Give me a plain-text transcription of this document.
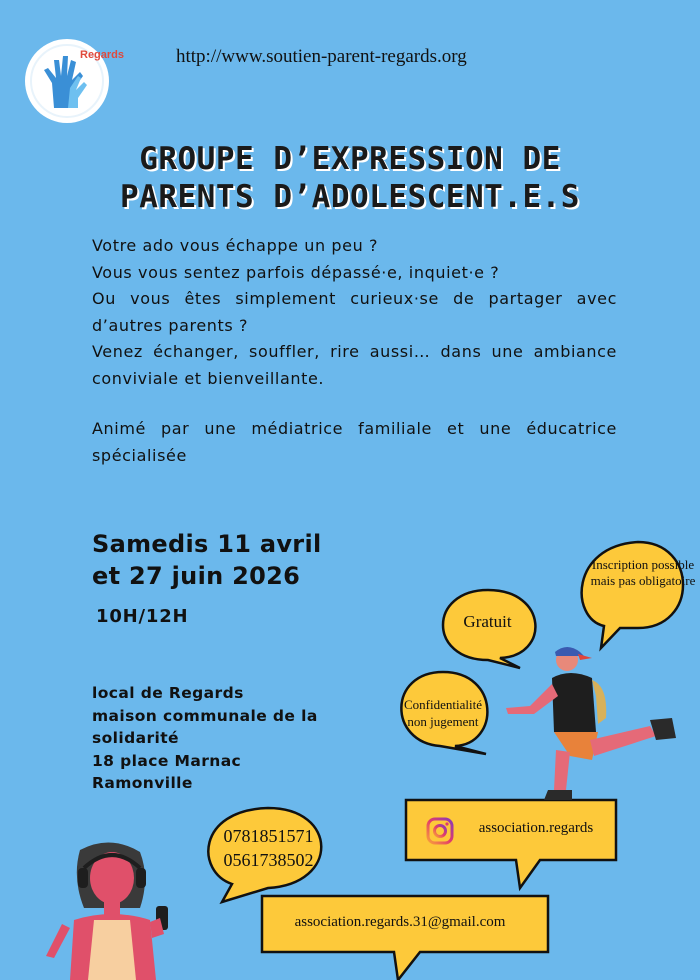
Regards	http://www.soutien-parent-regards.org
GROUPE D’EXPRESSION DE
PARENTS D’ADOLESCENT.E.S

Votre ado vous échappe un peu ?

Vous vous sentez parfois dépassé·e, inquiet·e ?

Ou vous êtes simplement curieux·se de partager avec d’autres parents ?

Venez échanger, souffler, rire aussi… dans une ambiance conviviale et bienveillante.

Animé par une médiatrice familiale et une éducatrice spécialisée

Samedis 11 avril
et 27 juin 2026
10H/12H
local de Regards
maison communale de la
solidarité
18 place Marnac
Ramonville
Inscription possible mais pas obligatoire
Gratuit
Confidentialité
non jugement
0781851571
0561738502
association.regards
association.regards.31@gmail.com
